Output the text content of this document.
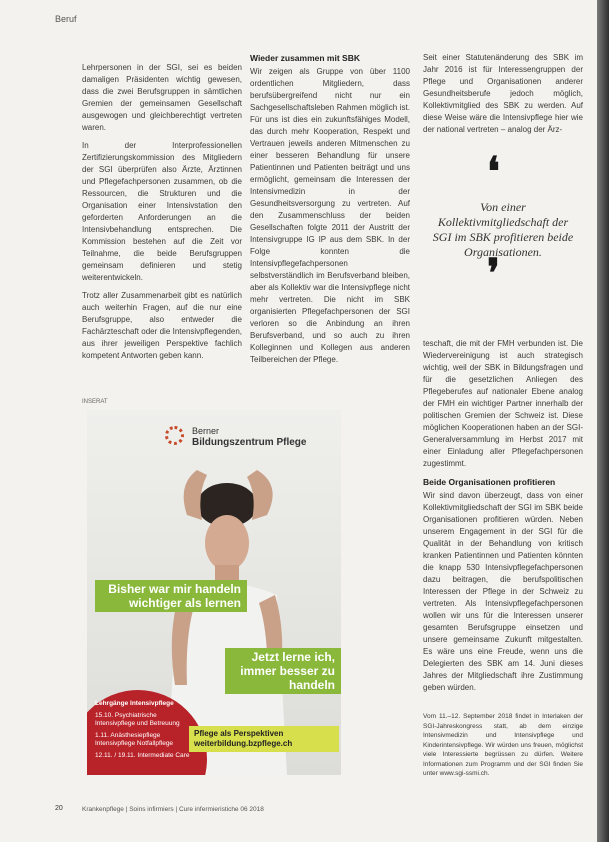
Beruf

Lehrpersonen in der SGI, sei es beiden damaligen Präsidenten wichtig gewesen, dass die zwei Berufsgruppen in sämtlichen Gremien der gemeinsamen Gesellschaft ausgewogen und gleichberechtigt vertreten waren.

In der Interprofessionellen Zertifizierungskommission des Mitgliedern der SGI überprüfen also Ärzte, Ärztinnen und Pflegefachpersonen zusammen, ob die Ressourcen, die Strukturen und die Organisation einer Intensivstation den geforderten Anforderungen an die Intensivbehandlung entsprechen. Die Kommission bestehen auf die Zeit vor Teilnahme, die beide Berufsgruppen gemeinsam definieren und stetig weiterentwickeln.

Trotz aller Zusammenarbeit gibt es natürlich auch weiterhin Fragen, auf die nur eine Berufsgruppe, also entweder die Fachärzteschaft oder die Intensivpflegenden, aus ihrer jeweiligen Perspektive fachlich kompetent Antworten geben kann.

Wieder zusammen mit SBK

Wir zeigen als Gruppe von über 1100 ordentlichen Mitgliedern, dass berufsübergreifend nicht nur ein Sachgesellschaftsleben Rahmen möglich ist. Für uns ist dies ein zukunftsfähiges Modell, das durch mehr Kooperation, Respekt und Vertrauen jeweils anderen Mitmenschen zu einer besseren Behandlung für unsere Patientinnen und Patienten beiträgt und uns ermöglicht, gemeinsam die Interessen der Intensivmedizin in der Gesundheitsversorgung zu vertreten. Auf den Zusammenschluss der beiden Gesellschaften folgte 2011 der Austritt der Intensivgruppe IG IP aus dem SBK. In der Folge konnten die Intensivpflegefachpersonen selbstverständlich im Berufsverband bleiben, aber als Kollektiv war die Intensivpflege nicht mehr vertreten. Die nicht im SBK organisierten Pflegefachpersonen der SGI verloren so die Anbindung an ihren Berufsverband, und so auch zu ihren Kolleginnen und Kollegen aus anderen Teilbereichen der Pflege.

Seit einer Statutenänderung des SBK im Jahr 2016 ist für Interessengruppen der Pflege und Organisationen anderer Gesundheitsberufe jedoch möglich, Kollektivmitglied des SBK zu werden. Auf diese Weise wäre die Intensivpflege hier wie der national vertreten – analog der Ärz-

❛
Von einer Kollektivmitgliedschaft der SGI im SBK profitieren beide Organisationen.
❜

teschaft, die mit der FMH verbunden ist. Die Wiedervereinigung ist auch strategisch wichtig, weil der SBK in Bildungsfragen und für die gesetzlichen Anliegen des Pflegeberufes auf nationaler Ebene analog der FMH ein wichtiger Partner innerhalb der politischen Gremien der Schweiz ist. Diese möglichen Kooperationen haben an der SGI-Generalversammlung im Herbst 2017 mit einer Einladung aller Pflegefachpersonen zugestimmt.

Beide Organisationen profitieren

Wir sind davon überzeugt, dass von einer Kollektivmitgliedschaft der SGI im SBK beide Organisationen profitieren würden. Neben unserem Engagement in der SGI für die Qualität in der Behandlung von kritisch kranken Patientinnen und Patienten könnten die knapp 530 Intensivpflegefachpersonen dazu beitragen, die berufspolitischen Interessen der Pflege in der Schweiz zu vertreten. Als Intensivpflegefachpersonen wollen wir uns für die Interessen unserer gesamten Berufsgruppe einsetzen und unsere gemeinsame Zukunft mitgestalten. Es wäre uns eine Freude, wenn uns die Delegierten des SBK am 14. Juni dieses Jahres der Mitgliedschaft ihre Zustimmung geben würden.

Vom 11.–12. September 2018 findet in Interlaken der SGI-Jahreskongress statt, ab dem einzige Intensivmedizin und Intensivpflege und Kinderintensivpflege. Wir würden uns freuen, möglichst viele Interessierte begrüssen zu dürfen. Weitere Informationen zum Programm und der SGI finden Sie unter www.sgi-ssmi.ch.
INSERAT
Berner
Bildungszentrum Pflege
Bisher war mir handeln wichtiger als lernen
Jetzt lerne ich, immer besser zu handeln

Lehrgänge Intensivpflege

15.10. Psychiatrische Intensivpflege und Betreuung

1.11. Anästhesiepflege Intensivpflege Notfallpflege

12.11. / 19.11. Intermediate Care

Pflege als Perspektiven
weiterbildung.bzpflege.ch
20	Krankenpflege | Soins infirmiers | Cure infermieristiche 06 2018
